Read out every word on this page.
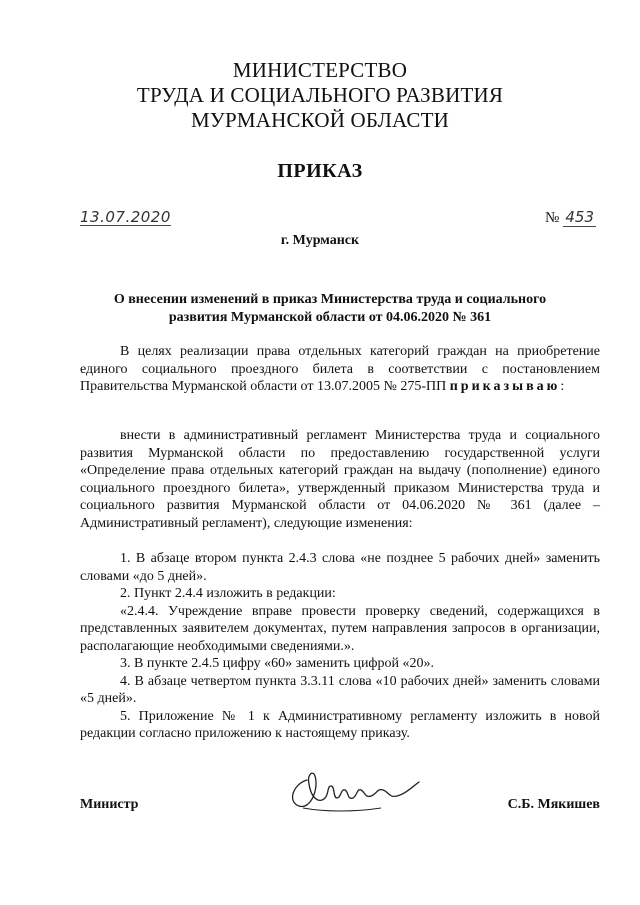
МИНИСТЕРСТВО
ТРУДА И СОЦИАЛЬНОГО РАЗВИТИЯ
МУРМАНСКОЙ ОБЛАСТИ
ПРИКАЗ
13.07.2020	№ 453
г. Мурманск
О внесении изменений в приказ Министерства труда и социального
развития Мурманской области от 04.06.2020 № 361

В целях реализации права отдельных категорий граждан на приобретение единого социального проездного билета в соответствии с постановлением Правительства Мурманской области от 13.07.2005 № 275-ПП приказываю:

внести в административный регламент Министерства труда и социального развития Мурманской области по предоставлению государственной услуги «Определение права отдельных категорий граждан на выдачу (пополнение) единого социального проездного билета», утвержденный приказом Министерства труда и социального развития Мурманской области от 04.06.2020 № 361 (далее – Административный регламент), следующие изменения:

1. В абзаце втором пункта 2.4.3 слова «не позднее 5 рабочих дней» заменить словами «до 5 дней».

2. Пункт 2.4.4 изложить в редакции:

«2.4.4. Учреждение вправе провести проверку сведений, содержащихся в представленных заявителем документах, путем направления запросов в организации, располагающие необходимыми сведениями.».

3. В пункте 2.4.5 цифру «60» заменить цифрой «20».

4. В абзаце четвертом пункта 3.3.11 слова «10 рабочих дней» заменить словами «5 дней».

5. Приложение № 1 к Административному регламенту изложить в новой редакции согласно приложению к настоящему приказу.

Министр	С.Б. Мякишев
